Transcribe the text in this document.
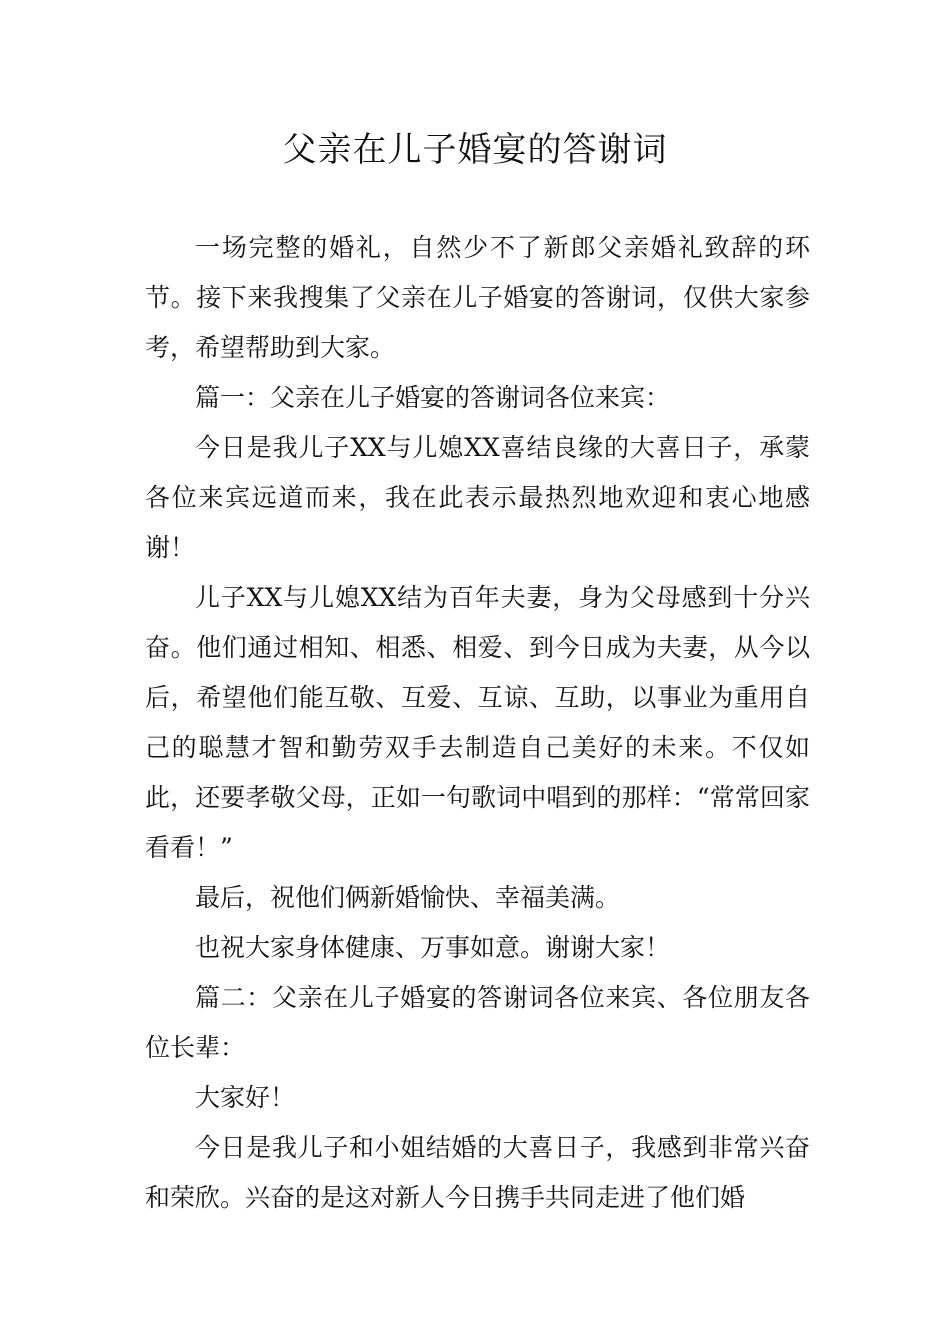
父亲在儿子婚宴的答谢词

一场完整的婚礼，自然少不了新郎父亲婚礼致辞的环节。接下来我搜集了父亲在儿子婚宴的答谢词，仅供大家参考，希望帮助到大家。

篇一：父亲在儿子婚宴的答谢词各位来宾：

今日是我儿子XX与儿媳XX喜结良缘的大喜日子，承蒙各位来宾远道而来，我在此表示最热烈地欢迎和衷心地感谢！

儿子XX与儿媳XX结为百年夫妻，身为父母感到十分兴奋。他们通过相知、相悉、相爱、到今日成为夫妻，从今以后，希望他们能互敬、互爱、互谅、互助，以事业为重用自己的聪慧才智和勤劳双手去制造自己美好的未来。不仅如此，还要孝敬父母，正如一句歌词中唱到的那样：“常常回家看看！”

最后，祝他们俩新婚愉快、幸福美满。

也祝大家身体健康、万事如意。谢谢大家！

篇二：父亲在儿子婚宴的答谢词各位来宾、各位朋友各位长辈：

大家好！

今日是我儿子和小姐结婚的大喜日子，我感到非常兴奋和荣欣。兴奋的是这对新人今日携手共同走进了他们婚
